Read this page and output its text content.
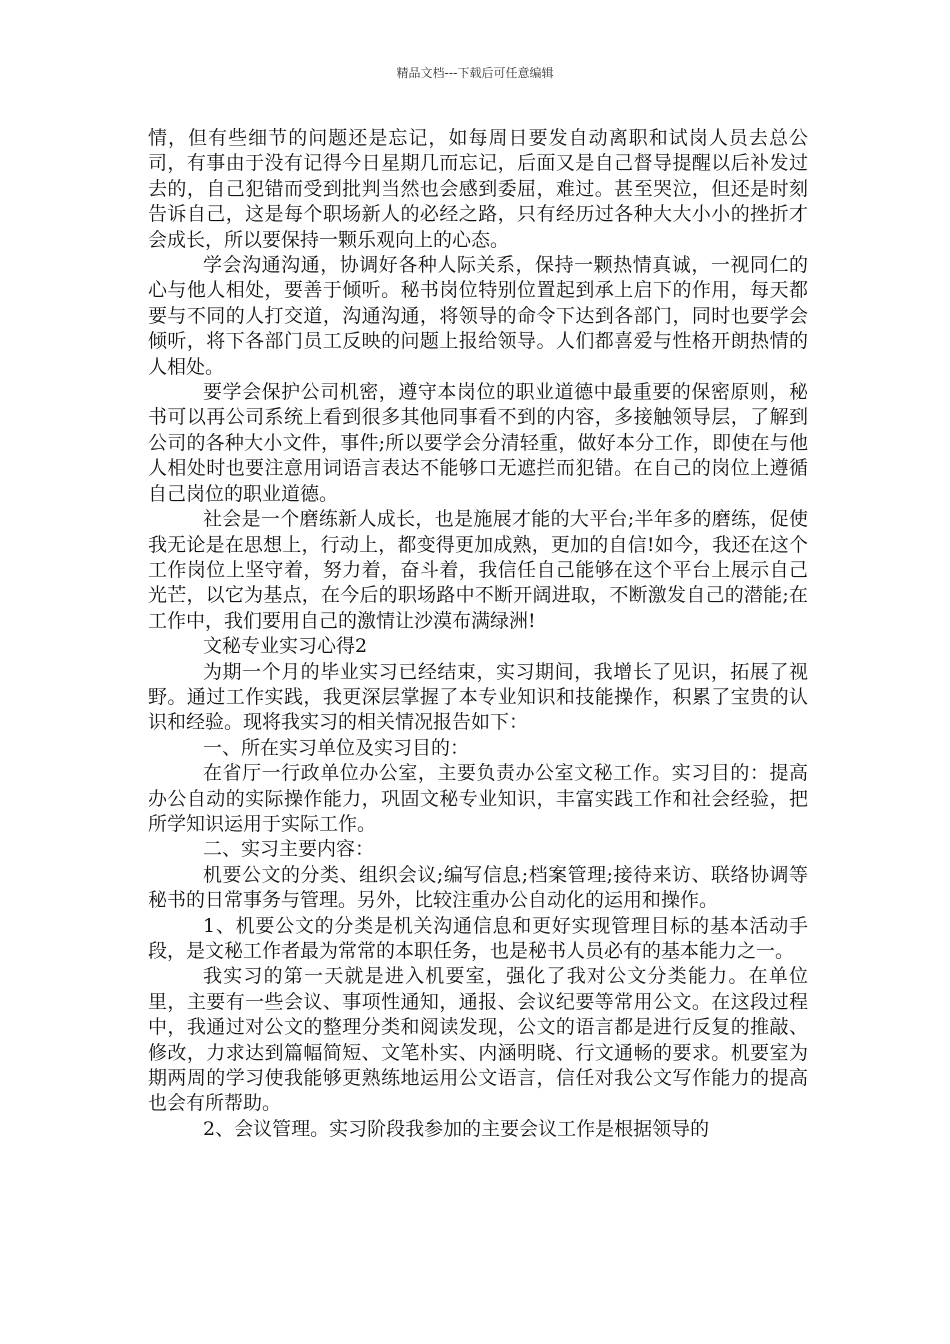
精品文档---下载后可任意编辑

情，但有些细节的问题还是忘记，如每周日要发自动离职和试岗人员去总公司，有事由于没有记得今日星期几而忘记，后面又是自己督导提醒以后补发过去的，自己犯错而受到批判当然也会感到委屈，难过。甚至哭泣，但还是时刻告诉自己，这是每个职场新人的必经之路，只有经历过各种大大小小的挫折才会成长，所以要保持一颗乐观向上的心态。

学会沟通沟通，协调好各种人际关系，保持一颗热情真诚，一视同仁的心与他人相处，要善于倾听。秘书岗位特别位置起到承上启下的作用，每天都要与不同的人打交道，沟通沟通，将领导的命令下达到各部门，同时也要学会倾听，将下各部门员工反映的问题上报给领导。人们都喜爱与性格开朗热情的人相处。

要学会保护公司机密，遵守本岗位的职业道德中最重要的保密原则，秘书可以再公司系统上看到很多其他同事看不到的内容，多接触领导层，了解到公司的各种大小文件，事件;所以要学会分清轻重，做好本分工作，即使在与他人相处时也要注意用词语言表达不能够口无遮拦而犯错。在自己的岗位上遵循自己岗位的职业道德。

社会是一个磨练新人成长，也是施展才能的大平台;半年多的磨练，促使我无论是在思想上，行动上，都变得更加成熟，更加的自信!如今，我还在这个工作岗位上坚守着，努力着，奋斗着，我信任自己能够在这个平台上展示自己光芒，以它为基点，在今后的职场路中不断开阔进取，不断激发自己的潜能;在工作中，我们要用自己的激情让沙漠布满绿洲!

文秘专业实习心得2

为期一个月的毕业实习已经结束，实习期间，我增长了见识，拓展了视野。通过工作实践，我更深层掌握了本专业知识和技能操作，积累了宝贵的认识和经验。现将我实习的相关情况报告如下：

一、所在实习单位及实习目的：

在省厅一行政单位办公室，主要负责办公室文秘工作。实习目的：提高办公自动的实际操作能力，巩固文秘专业知识，丰富实践工作和社会经验，把所学知识运用于实际工作。

二、实习主要内容：

机要公文的分类、组织会议;编写信息;档案管理;接待来访、联络协调等秘书的日常事务与管理。另外，比较注重办公自动化的运用和操作。

1、机要公文的分类是机关沟通信息和更好实现管理目标的基本活动手段，是文秘工作者最为常常的本职任务，也是秘书人员必有的基本能力之一。

我实习的第一天就是进入机要室，强化了我对公文分类能力。在单位里，主要有一些会议、事项性通知，通报、会议纪要等常用公文。在这段过程中，我通过对公文的整理分类和阅读发现，公文的语言都是进行反复的推敲、修改，力求达到篇幅简短、文笔朴实、内涵明晓、行文通畅的要求。机要室为期两周的学习使我能够更熟练地运用公文语言，信任对我公文写作能力的提高也会有所帮助。

2、会议管理。实习阶段我参加的主要会议工作是根据领导的
